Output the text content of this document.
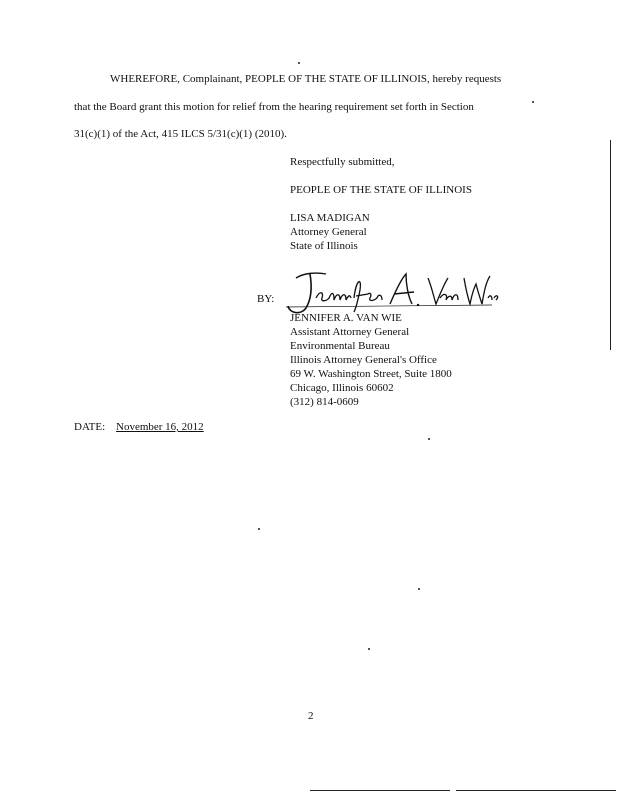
WHEREFORE, Complainant, PEOPLE OF THE STATE OF ILLINOIS, hereby requests
that the Board grant this motion for relief from the hearing requirement set forth in Section
31(c)(1) of the Act, 415 ILCS 5/31(c)(1) (2010).
Respectfully submitted,
PEOPLE OF THE STATE OF ILLINOIS
LISA MADIGAN
Attorney General
State of Illinois
BY:
JENNIFER A. VAN WIE
Assistant Attorney General
Environmental Bureau
Illinois Attorney General's Office
69 W. Washington Street, Suite 1800
Chicago, Illinois 60602
(312) 814-0609
DATE: November 16, 2012
2
